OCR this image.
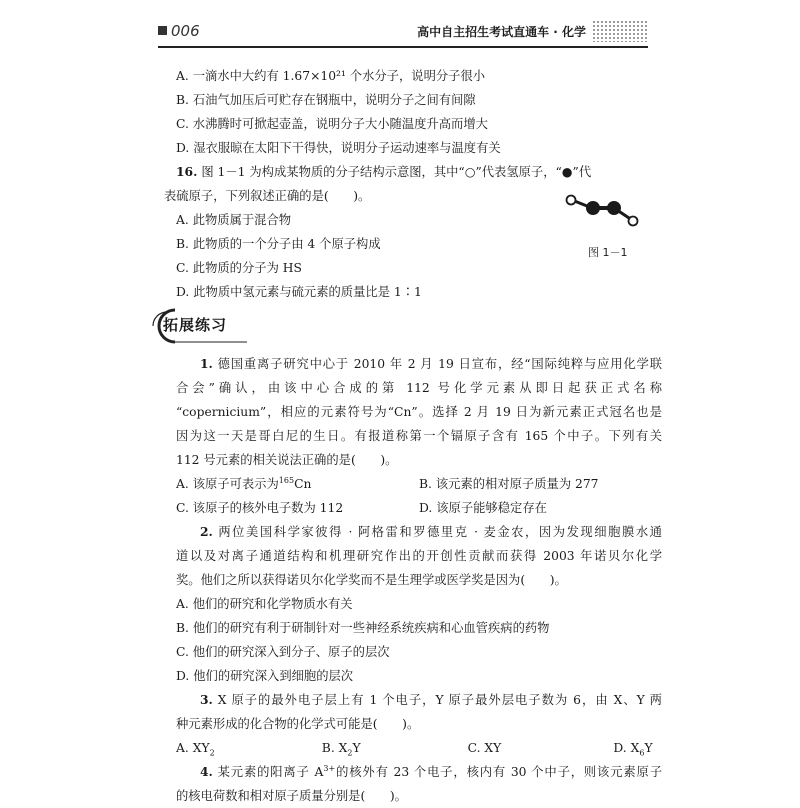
006	高中自主招生考试直通车 · 化学
A. 一滴水中大约有 1.67×10²¹ 个水分子，说明分子很小
B. 石油气加压后可贮存在钢瓶中，说明分子之间有间隙
C. 水沸腾时可掀起壶盖，说明分子大小随温度升高而增大
D. 湿衣服晾在太阳下干得快，说明分子运动速率与温度有关
16. 图 1－1 为构成某物质的分子结构示意图，其中“○”代表氢原子，“●”代
表硫原子，下列叙述正确的是(　　)。
A. 此物质属于混合物
B. 此物质的一个分子由 4 个原子构成
C. 此物质的分子为 HS
D. 此物质中氢元素与硫元素的质量比是 1∶1
图 1－1
拓展练习
1. 德国重离子研究中心于 2010 年 2 月 19 日宣布，经“国际纯粹与应用化学联
合会”确认，由该中心合成的第 112 号化学元素从即日起获正式名称
“copernicium”，相应的元素符号为“Cn”。选择 2 月 19 日为新元素正式冠名也是
因为这一天是哥白尼的生日。有报道称第一个镉原子含有 165 个中子。下列有关
112 号元素的相关说法正确的是(　　)。
A. 该原子可表示为$^{165}$Cn	B. 该元素的相对原子质量为 277
C. 该原子的核外电子数为 112	D. 该原子能够稳定存在
2. 两位美国科学家彼得 · 阿格雷和罗德里克 · 麦金农，因为发现细胞膜水通
道以及对离子通道结构和机理研究作出的开创性贡献而获得 2003 年诺贝尔化学
奖。他们之所以获得诺贝尔化学奖而不是生理学或医学奖是因为(　　)。
A. 他们的研究和化学物质水有关
B. 他们的研究有利于研制针对一些神经系统疾病和心血管疾病的药物
C. 他们的研究深入到分子、原子的层次
D. 他们的研究深入到细胞的层次
3. X 原子的最外电子层上有 1 个电子，Y 原子最外层电子数为 6，由 X、Y 两
种元素形成的化合物的化学式可能是(　　)。
A. $XY_2$	B. $X_2Y$	C. XY	D. $X_6Y$
4. 某元素的阳离子 $A^{3+}$的核外有 23 个电子，核内有 30 个中子，则该元素原子
的核电荷数和相对原子质量分别是(　　)。
